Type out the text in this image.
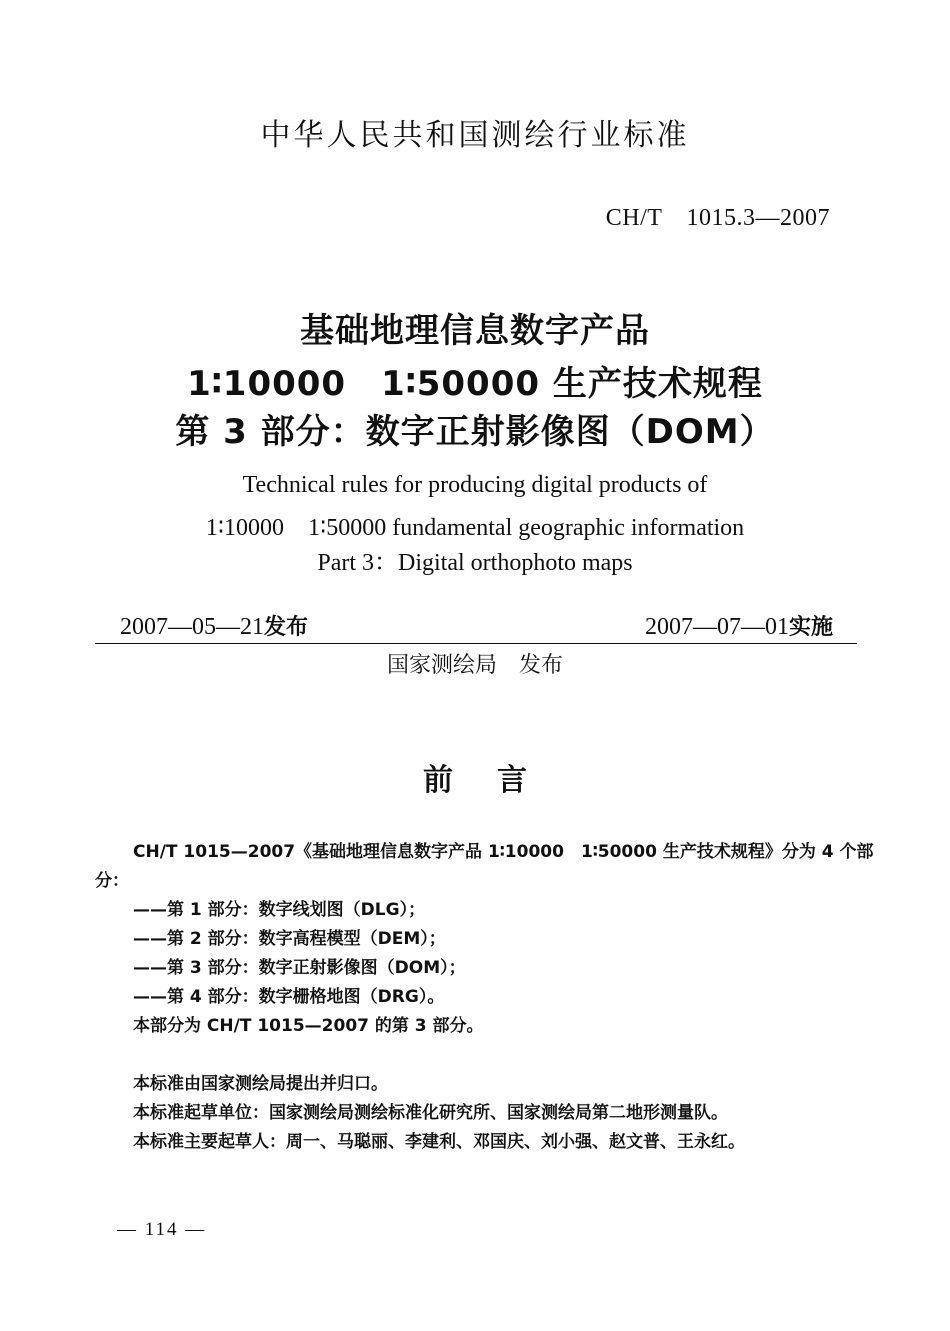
中华人民共和国测绘行业标准
CH/T　1015.3—2007
基础地理信息数字产品
1∶10000　1∶50000 生产技术规程
第 3 部分：数字正射影像图（DOM）
Technical rules for producing digital products of
1∶10000　1∶50000 fundamental geographic information
Part 3：Digital orthophoto maps
2007—05—21发布	2007—07—01实施
国家测绘局　发布
前言
CH/T 1015—2007《基础地理信息数字产品 1∶10000　1∶50000 生产技术规程》分为 4 个部分：
——第 1 部分：数字线划图（DLG）；
——第 2 部分：数字高程模型（DEM）；
——第 3 部分：数字正射影像图（DOM）；
——第 4 部分：数字栅格地图（DRG）。
本部分为 CH/T 1015—2007 的第 3 部分。
本标准由国家测绘局提出并归口。
本标准起草单位：国家测绘局测绘标准化研究所、国家测绘局第二地形测量队。
本标准主要起草人：周一、马聪丽、李建利、邓国庆、刘小强、赵文普、王永红。
— 114 —
